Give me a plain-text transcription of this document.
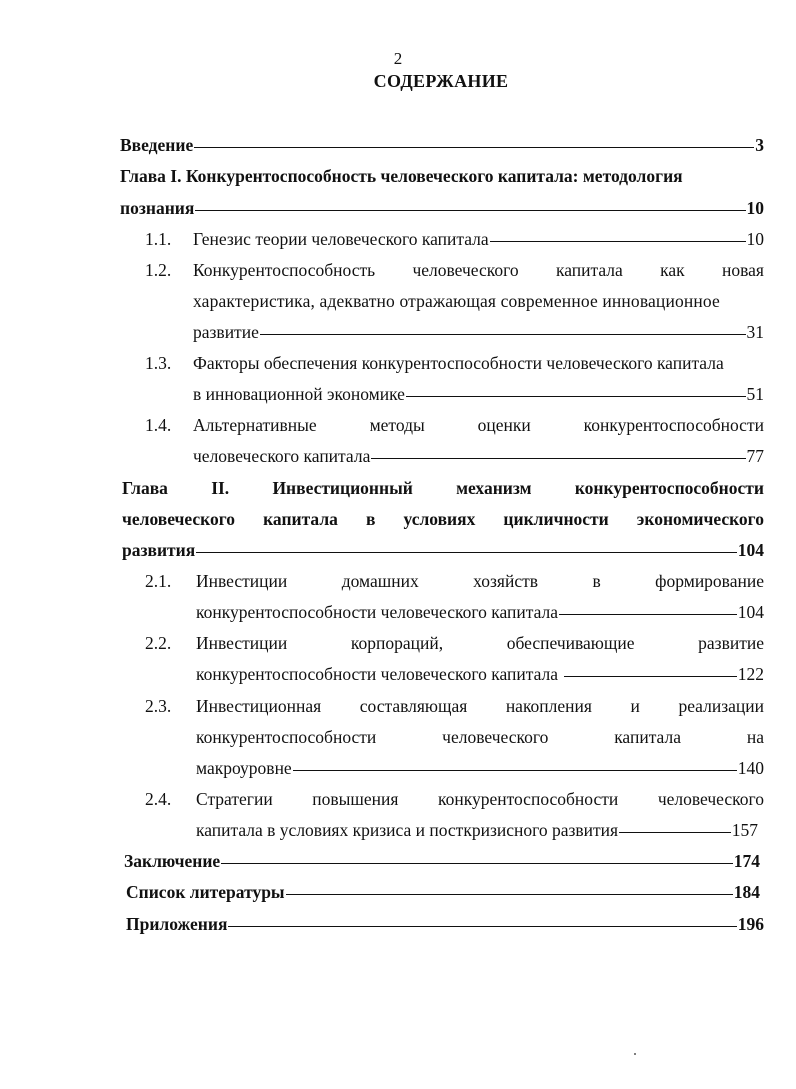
2
СОДЕРЖАНИЕ
Введение	3
Глава I. Конкурентоспособность человеческого капитала: методология
познания	10
1.1. Генезис теории человеческого капитала	10
1.2. Конкурентоспособность человеческого капитала как новая
характеристика, адекватно отражающая современное инновационное
развитие	31
1.3. Факторы обеспечения конкурентоспособности человеческого капитала
в инновационной экономике	51
1.4. Альтернативные	методы	оценки	конкурентоспособности
человеческого капитала	77
Глава II. Инвестиционный механизм конкурентоспособности
человеческого капитала в условиях цикличности экономического
развития	104
2.1. Инвестиции	домашних	хозяйств	в	формирование
конкурентоспособности человеческого капитала	104
2.2. Инвестиции	корпораций,	обеспечивающие	развитие
конкурентоспособности человеческого капитала	122
2.3. Инвестиционная составляющая накопления и реализации
конкурентоспособности	человеческого	капитала	на
макроуровне	140
2.4. Стратегии повышения конкурентоспособности человеческого
капитала в условиях кризиса и посткризисного развития	157
Заключение	174
Список литературы	184
Приложения	196
